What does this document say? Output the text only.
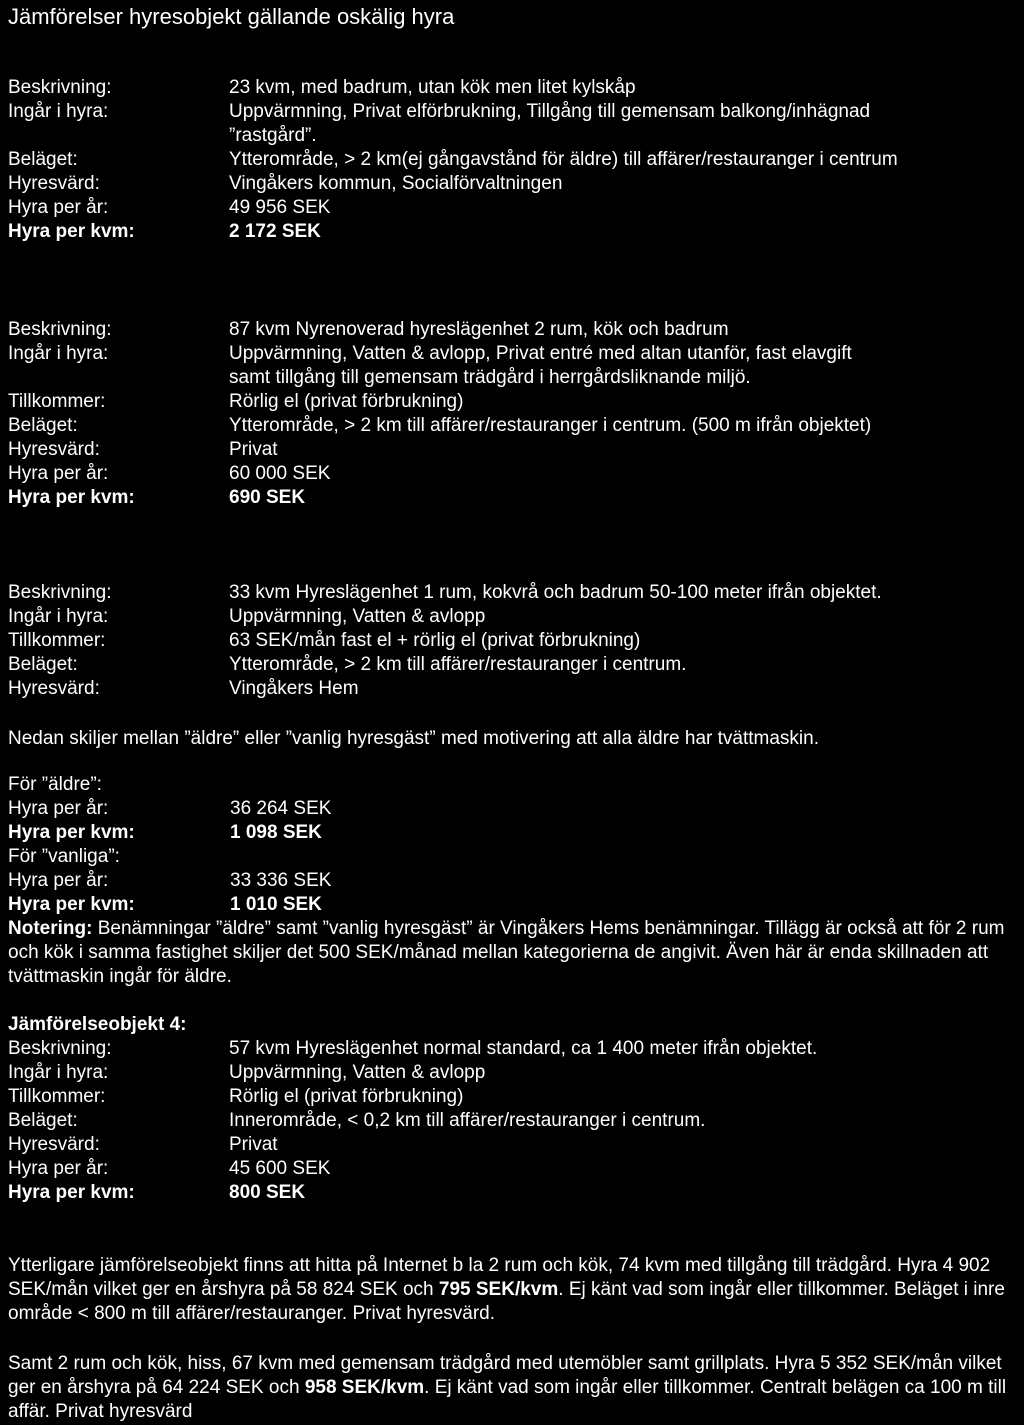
Jämförelser hyresobjekt gällande oskälig hyra
Beskrivning:	23 kvm, med badrum, utan kök men litet kylskåp
Ingår i hyra:	Uppvärmning, Privat elförbrukning, Tillgång till gemensam balkong/inhägnad
”rastgård”.
Beläget:	Ytterområde, > 2 km(ej gångavstånd för äldre) till affärer/restauranger i centrum
Hyresvärd:	Vingåkers kommun, Socialförvaltningen
Hyra per år:	49 956 SEK
Hyra per kvm:	2 172 SEK
Beskrivning:	87 kvm Nyrenoverad hyreslägenhet 2 rum, kök och badrum
Ingår i hyra:	Uppvärmning, Vatten & avlopp, Privat entré med altan utanför, fast elavgift
samt tillgång till gemensam trädgård i herrgårdsliknande miljö.
Tillkommer:	Rörlig el (privat förbrukning)
Beläget:	Ytterområde, > 2 km till affärer/restauranger i centrum. (500 m ifrån objektet)
Hyresvärd:	Privat
Hyra per år:	60 000 SEK
Hyra per kvm:	690 SEK
Beskrivning:	33 kvm Hyreslägenhet 1 rum, kokvrå och badrum 50-100 meter ifrån objektet.
Ingår i hyra:	Uppvärmning, Vatten & avlopp
Tillkommer:	63 SEK/mån fast el + rörlig el (privat förbrukning)
Beläget:	Ytterområde, > 2 km till affärer/restauranger i centrum.
Hyresvärd:	Vingåkers Hem
Nedan skiljer mellan ”äldre” eller ”vanlig hyresgäst” med motivering att alla äldre har tvättmaskin.
För ”äldre”:
Hyra per år:	36 264 SEK
Hyra per kvm:	1 098 SEK
För ”vanliga”:
Hyra per år:	33 336 SEK
Hyra per kvm:	1 010 SEK
Notering: Benämningar ”äldre” samt ”vanlig hyresgäst” är Vingåkers Hems benämningar. Tillägg är också att för 2 rum och kök i samma fastighet skiljer det 500 SEK/månad mellan kategorierna de angivit. Även här är enda skillnaden att tvättmaskin ingår för äldre.
Jämförelseobjekt 4:
Beskrivning:	57 kvm Hyreslägenhet normal standard, ca 1 400 meter ifrån objektet.
Ingår i hyra:	Uppvärmning, Vatten & avlopp
Tillkommer:	Rörlig el (privat förbrukning)
Beläget:	Innerområde, < 0,2 km till affärer/restauranger i centrum.
Hyresvärd:	Privat
Hyra per år:	45 600 SEK
Hyra per kvm:	800 SEK
Ytterligare jämförelseobjekt finns att hitta på Internet b la 2 rum och kök, 74 kvm med tillgång till trädgård. Hyra 4 902 SEK/mån vilket ger en årshyra på 58 824 SEK och 795 SEK/kvm. Ej känt vad som ingår eller tillkommer. Beläget i inre område < 800 m till affärer/restauranger. Privat hyresvärd.
Samt 2 rum och kök, hiss, 67 kvm med gemensam trädgård med utemöbler samt grillplats. Hyra 5 352 SEK/mån vilket ger en årshyra på 64 224 SEK och 958 SEK/kvm. Ej känt vad som ingår eller tillkommer. Centralt belägen ca 100 m till affär. Privat hyresvärd
